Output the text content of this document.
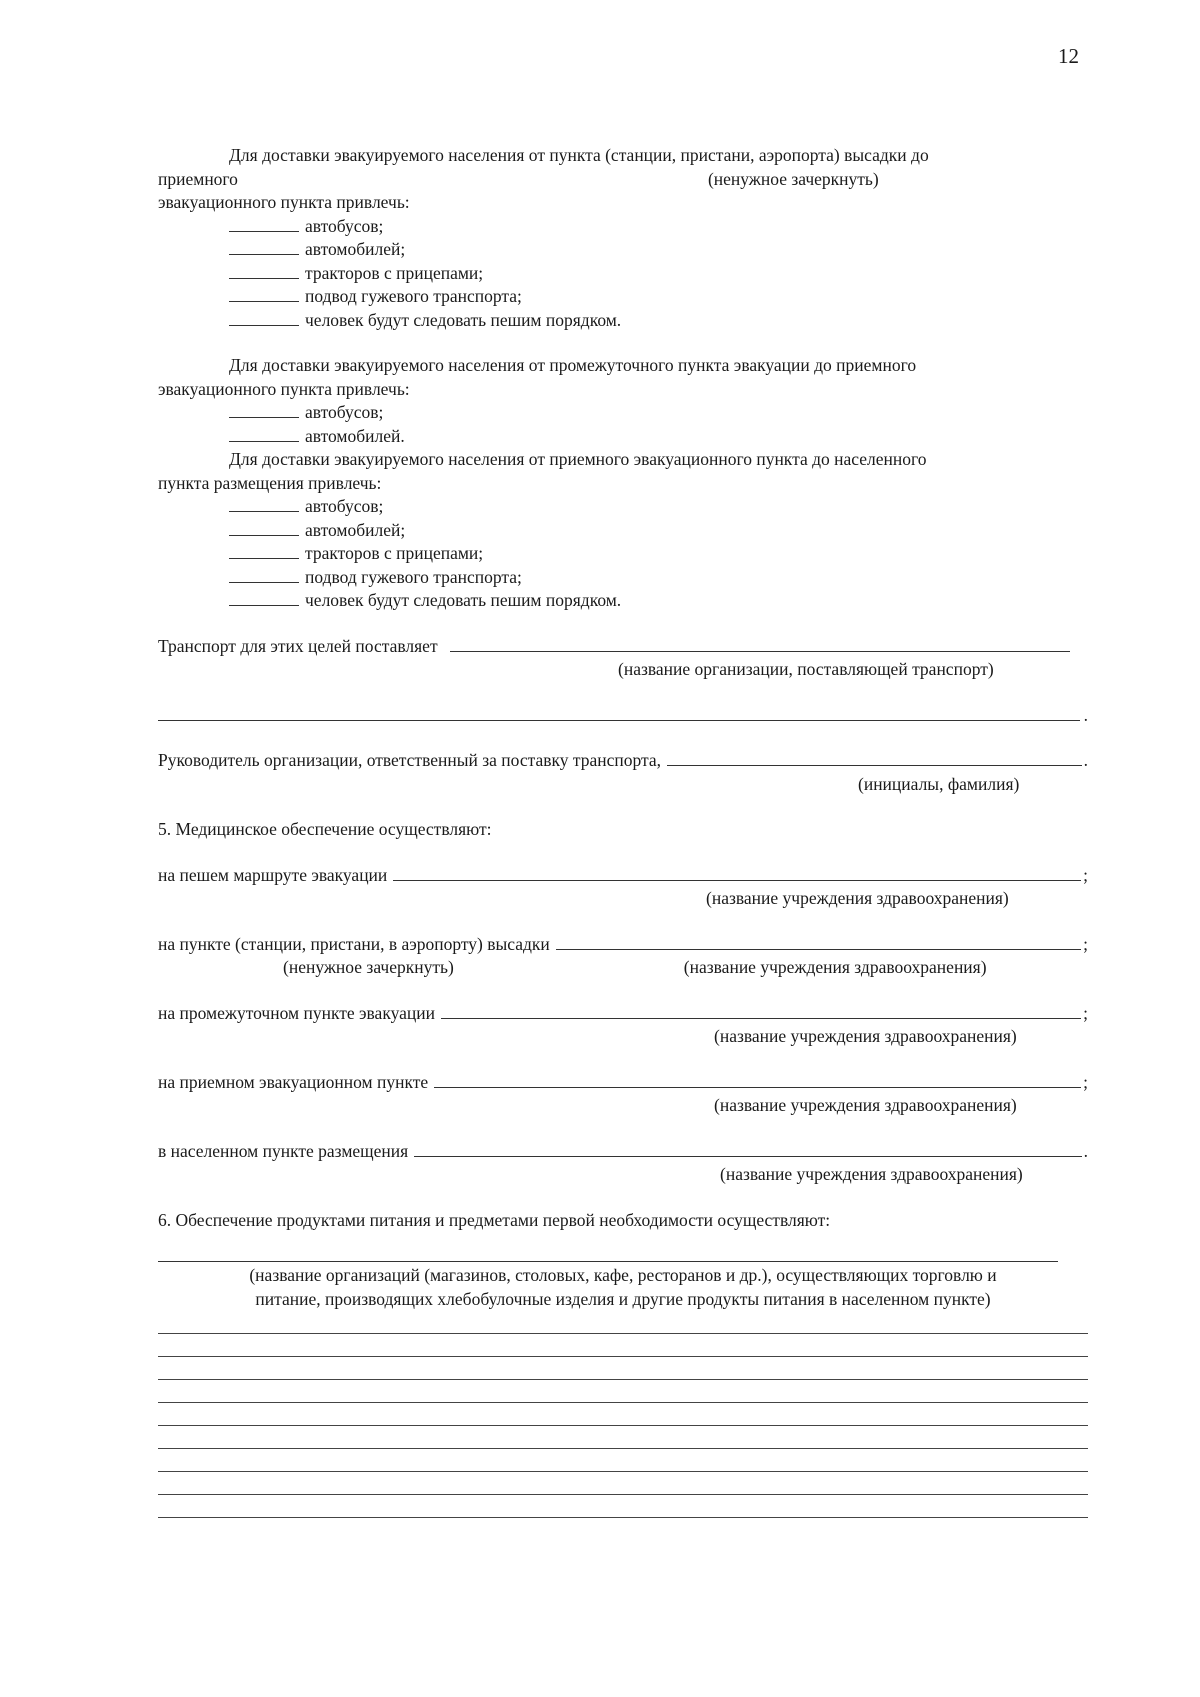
12
Для доставки эвакуируемого населения от пункта (станции, пристани, аэропорта) высадки до
приемного	(ненужное зачеркнуть)
эвакуационного пункта привлечь:
автобусов;
автомобилей;
тракторов с прицепами;
подвод гужевого транспорта;
человек будут следовать пешим порядком.
Для доставки эвакуируемого населения от промежуточного пункта эвакуации до приемного
эвакуационного пункта привлечь:
автобусов;
автомобилей.
Для доставки эвакуируемого населения от приемного эвакуационного пункта до населенного
пункта размещения привлечь:
автобусов;
автомобилей;
тракторов с прицепами;
подвод гужевого транспорта;
человек будут следовать пешим порядком.
Транспорт для этих целей поставляет
(название организации, поставляющей транспорт)
.
Руководитель организации, ответственный за поставку транспорта,	.
(инициалы, фамилия)
5. Медицинское обеспечение осуществляют:
на пешем маршруте эвакуации	;
(название учреждения здравоохранения)
на пункте (станции, пристани, в аэропорту) высадки	;
(ненужное зачеркнуть)	(название учреждения здравоохранения)
на промежуточном пункте эвакуации	;
(название учреждения здравоохранения)
на приемном эвакуационном пункте	;
(название учреждения здравоохранения)
в населенном пункте размещения	.
(название учреждения здравоохранения)
6. Обеспечение продуктами питания и предметами первой необходимости осуществляют:
(название организаций (магазинов, столовых, кафе, ресторанов и др.), осуществляющих торговлю и
питание, производящих хлебобулочные изделия и другие продукты питания в населенном пункте)
